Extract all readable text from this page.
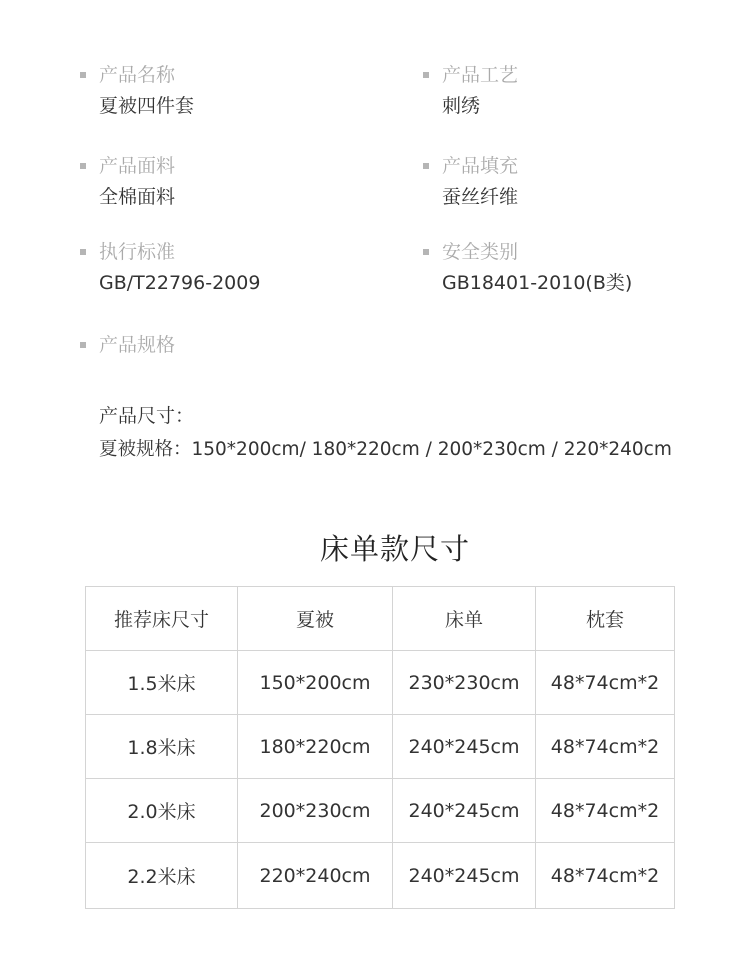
产品名称
夏被四件套
产品工艺
刺绣
产品面料
全棉面料
产品填充
蚕丝纤维
执行标准
GB/T22796-2009
安全类别
GB18401-2010(B类)
产品规格
产品尺寸：
夏被规格：150*200cm/ 180*220cm / 200*230cm / 220*240cm
床单款尺寸
推荐床尺寸	夏被	床单	枕套
1.5米床	150*200cm	230*230cm	48*74cm*2
1.8米床	180*220cm	240*245cm	48*74cm*2
2.0米床	200*230cm	240*245cm	48*74cm*2
2.2米床	220*240cm	240*245cm	48*74cm*2
